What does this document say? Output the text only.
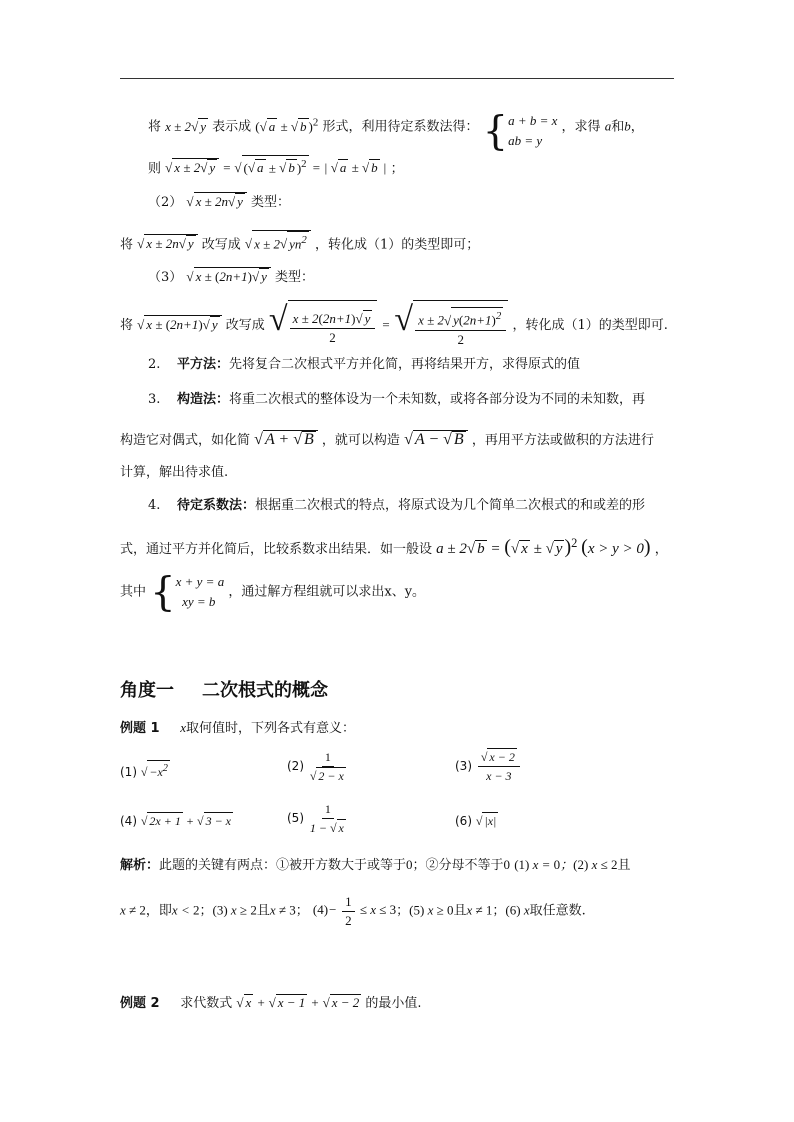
将 x ± 2 √ y 表示成 ( √ a ± √ b )$^2$ 形式，利用待定系数法得： { a + b = x
ab = y
，求得 a和b，
则 √ x ± 2 √ y = √ ( √ a ± √ b )$^2$ = | √ a ± √ b | ；
（2） √ x ± 2n √ y 类型：
将 √ x ± 2n √ y 改写成 √ x ± 2 √ $yn^2$ ，转化成（1）的类型即可；
（3） √ x ± (2n+1) √ y 类型：
将 √ x ± (2n+1) √ y 改写成 √ $\frac{x \pm 2(2n+1) √ y}{2}$ = √ $\frac{x \pm 2 √ y(2n+1)^2}{2}$ ，转化成（1）的类型即可.
2. 平方法：先将复合二次根式平方并化简，再将结果开方，求得原式的值
3. 构造法：将重二次根式的整体设为一个未知数，或将各部分设为不同的未知数，再
构造它对偶式，如化简 √ A + √ B ，就可以构造 √ A − √ B ，再用平方法或做积的方法进行
计算，解出待求值.
4. 待定系数法：根据重二次根式的特点，将原式设为几个简单二次根式的和或差的形
式，通过平方并化简后，比较系数求出结果．如一般设 a ± 2 √ b = ( √ x ± √ y )$^2$ (x > y > 0) ，
其中 { x + y = a
xy = b
，通过解方程组就可以求出x、y。
角度一 二次根式的概念
例题 1 x取何值时，下列各式有意义：
(1) √ $-x^2$	(2) 1
√ 2 − x	(3) √ $\frac{x - 2}{x - 3}$
(4) √ 2x + 1 + √ 3 − x	$(5) \frac{1}{1 - √ x}$	(6) √ |x|
解析：此题的关键有两点：①被开方数大于或等于0；②分母不等于0 (1) x = 0；(2) x ≤ 2且
x ≠ 2，即x < 2；(3) x ≥ 2且x ≠ 3； $(4)- \frac{1}{2} \le x \le 3$；(5) x ≥ 0且x ≠ 1；(6) x取任意数.
例题 2 求代数式 √ x + √ x − 1 + √ x − 2 的最小值.
